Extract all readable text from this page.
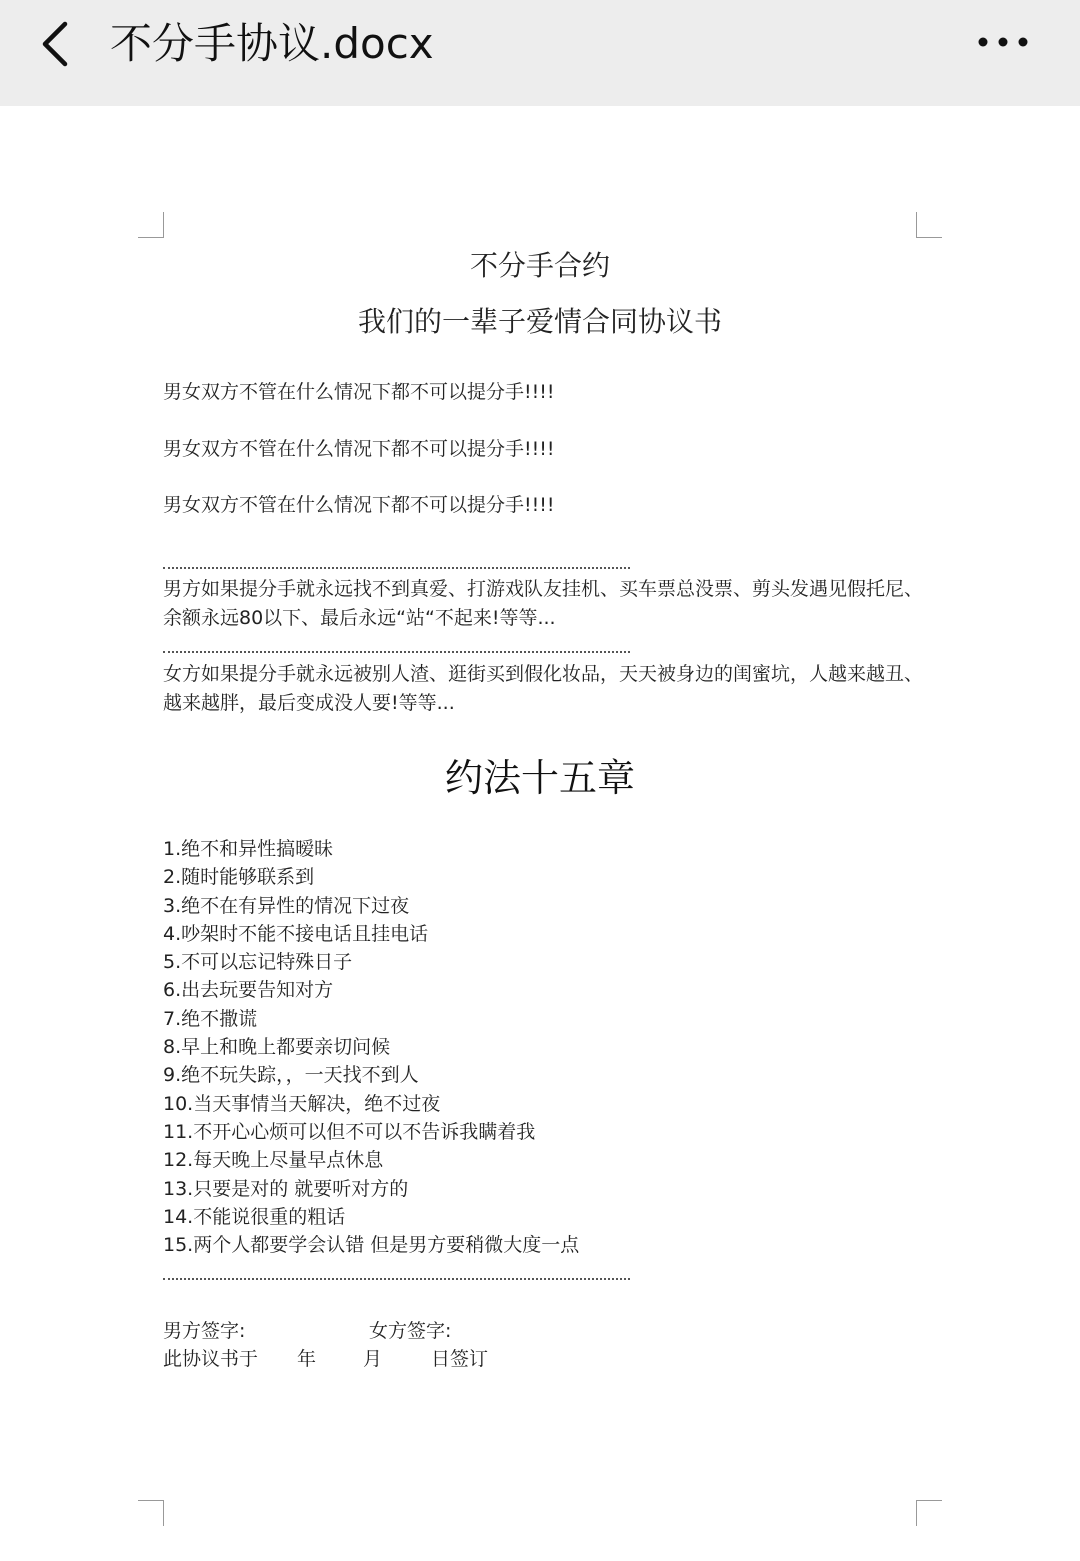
不分手协议.docx
不分手合约
我们的一辈子爱情合同协议书
男女双方不管在什么情况下都不可以提分手!!!!
男女双方不管在什么情况下都不可以提分手!!!!
男女双方不管在什么情况下都不可以提分手!!!!
男方如果提分手就永远找不到真爱、打游戏队友挂机、买车票总没票、剪头发遇见假托尼、余额永远80以下、最后永远“站“不起来!等等...
女方如果提分手就永远被别人渣、逛街买到假化妆品，天天被身边的闺蜜坑，人越来越丑、越来越胖，最后变成没人要!等等...
约法十五章
1.绝不和异性搞暧昧
2.随时能够联系到
3.绝不在有异性的情况下过夜
4.吵架时不能不接电话且挂电话
5.不可以忘记特殊日子
6.出去玩要告知对方
7.绝不撒谎
8.早上和晚上都要亲切问候
9.绝不玩失踪，，一天找不到人
10.当天事情当天解决，绝不过夜
11.不开心心烦可以但不可以不告诉我瞒着我
12.每天晚上尽量早点休息
13.只要是对的 就要听对方的
14.不能说很重的粗话
15.两个人都要学会认错 但是男方要稍微大度一点
男方签字:	女方签字:
此协议书于 年 月	日签订
